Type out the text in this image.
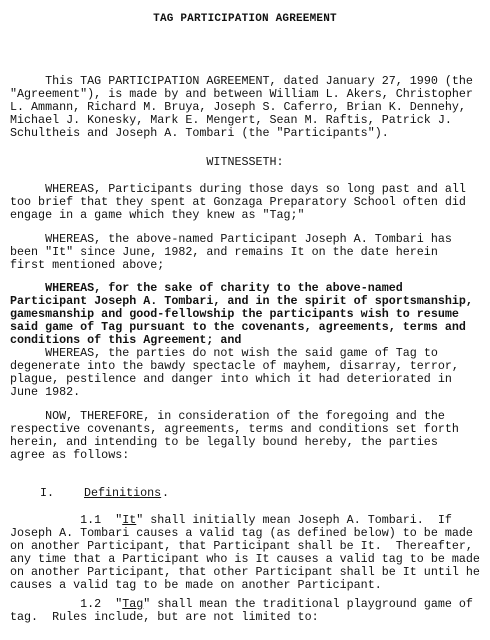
TAG PARTICIPATION AGREEMENT

This TAG PARTICIPATION AGREEMENT, dated January 27, 1990 (the
"Agreement"), is made by and between William L. Akers, Christopher
L. Ammann, Richard M. Bruya, Joseph S. Caferro, Brian K. Dennehy,
Michael J. Konesky, Mark E. Mengert, Sean M. Raftis, Patrick J.
Schultheis and Joseph A. Tombari (the "Participants").

WITNESSETH:

WHEREAS, Participants during those days so long past and all
too brief that they spent at Gonzaga Preparatory School often did
engage in a game which they knew as "Tag;"

WHEREAS, the above-named Participant Joseph A. Tombari has
been "It" since June, 1982, and remains It on the date herein
first mentioned above;

WHEREAS, for the sake of charity to the above-named
Participant Joseph A. Tombari, and in the spirit of sportsmanship,
gamesmanship and good-fellowship the participants wish to resume
said game of Tag pursuant to the covenants, agreements, terms and
conditions of this Agreement; and

WHEREAS, the parties do not wish the said game of Tag to
degenerate into the bawdy spectacle of mayhem, disarray, terror,
plague, pestilence and danger into which it had deteriorated in
June 1982.

NOW, THEREFORE, in consideration of the foregoing and the
respective covenants, agreements, terms and conditions set forth
herein, and intending to be legally bound hereby, the parties
agree as follows:

I.	Definitions .

1.1  "It" shall initially mean Joseph A. Tombari.  If
Joseph A. Tombari causes a valid tag (as defined below) to be made
on another Participant, that Participant shall be It.  Thereafter,
any time that a Participant who is It causes a valid tag to be made
on another Participant, that other Participant shall be It until he
causes a valid tag to be made on another Participant.

1.2  "Tag" shall mean the traditional playground game of
tag.  Rules include, but are not limited to:
